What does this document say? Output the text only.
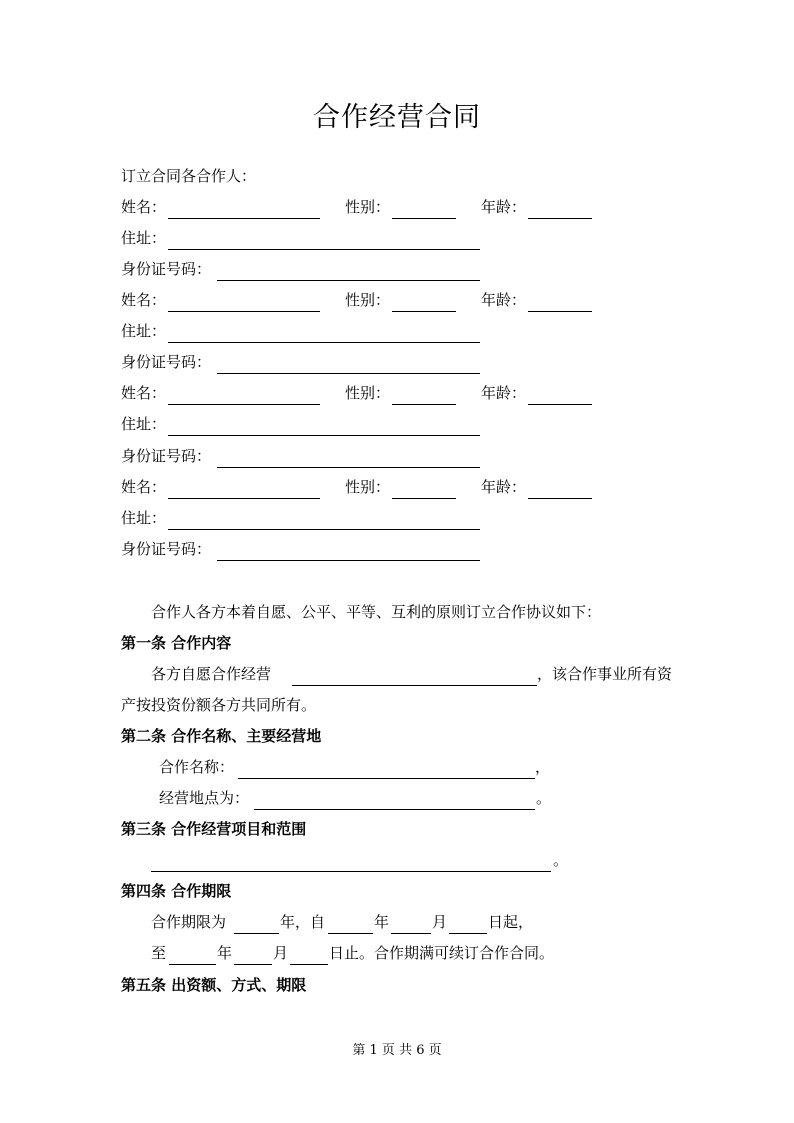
合作经营合同
订立合同各合作人：
姓名：	性别：	年龄：
住址：
身份证号码：
姓名：	性别：	年龄：
住址：
身份证号码：
姓名：	性别：	年龄：
住址：
身份证号码：
姓名：	性别：	年龄：
住址：
身份证号码：
合作人各方本着自愿、公平、平等、互利的原则订立合作协议如下：
第一条 合作内容
各方自愿合作经营	，该合作事业所有资
产按投资份额各方共同所有。
第二条 合作名称、主要经营地
合作名称：	，
经营地点为：	。
第三条 合作经营项目和范围
。
第四条 合作期限
合作期限为	年，自	年	月	日起，
至	年	月	日止。合作期满可续订合作合同。
第五条 出资额、方式、期限
第 1 页 共 6 页
